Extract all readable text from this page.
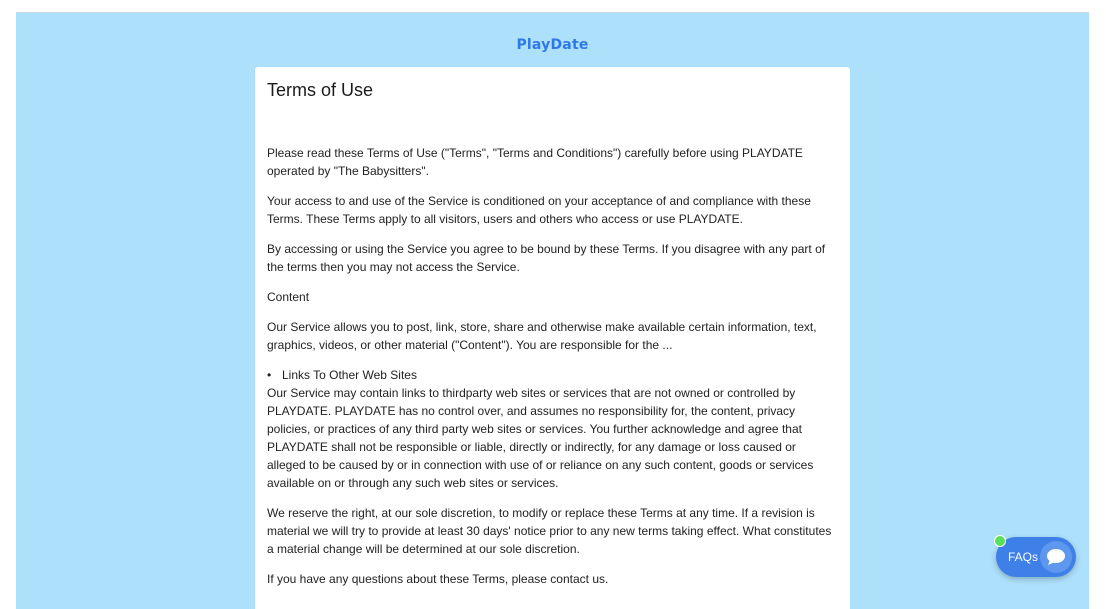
PlayDate
Terms of Use

Please read these Terms of Use ("Terms", "Terms and Conditions") carefully before using PLAYDATE operated by "The Babysitters".

Your access to and use of the Service is conditioned on your acceptance of and compliance with these Terms. These Terms apply to all visitors, users and others who access or use PLAYDATE.

By accessing or using the Service you agree to be bound by these Terms. If you disagree with any part of the terms then you may not access the Service.

Content

Our Service allows you to post, link, store, share and otherwise make available certain information, text, graphics, videos, or other material ("Content"). You are responsible for the ...

• Links To Other Web Sites

Our Service may contain links to thirdparty web sites or services that are not owned or controlled by PLAYDATE. PLAYDATE has no control over, and assumes no responsibility for, the content, privacy policies, or practices of any third party web sites or services. You further acknowledge and agree that PLAYDATE shall not be responsible or liable, directly or indirectly, for any damage or loss caused or alleged to be caused by or in connection with use of or reliance on any such content, goods or services available on or through any such web sites or services.

We reserve the right, at our sole discretion, to modify or replace these Terms at any time. If a revision is material we will try to provide at least 30 days' notice prior to any new terms taking effect. What constitutes a material change will be determined at our sole discretion.

If you have any questions about these Terms, please contact us.

FAQs
